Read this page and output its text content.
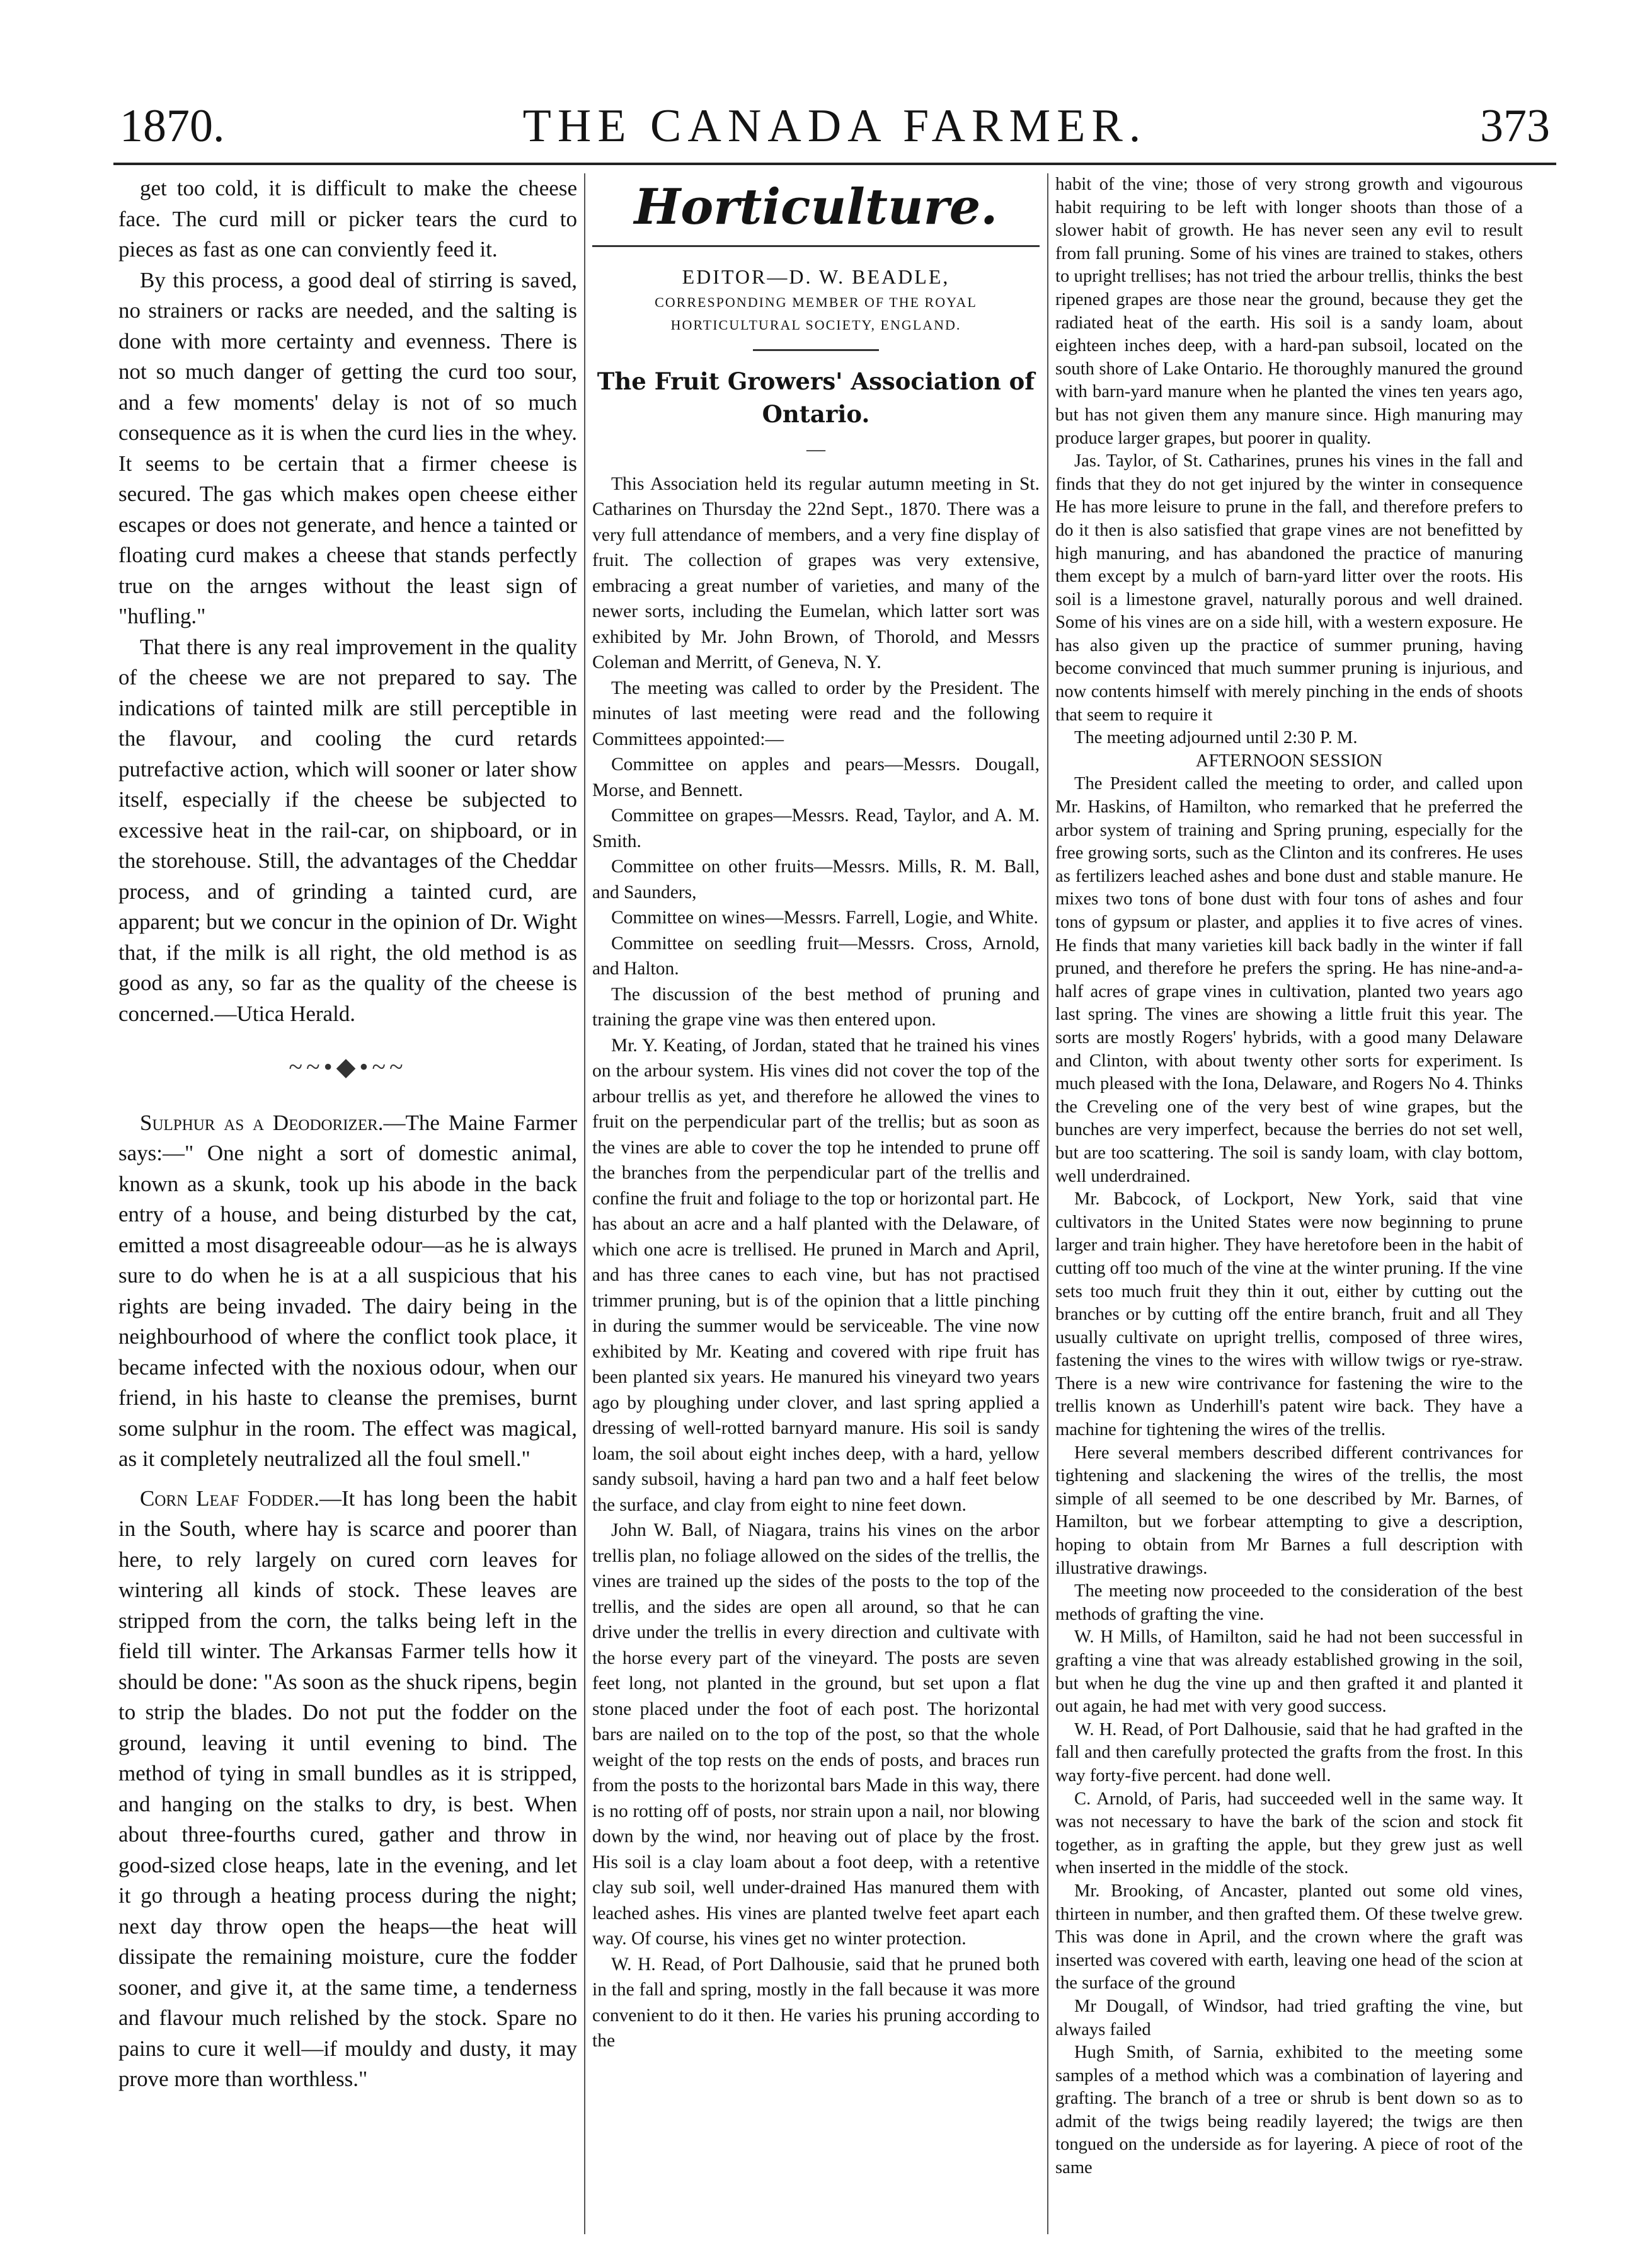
1870.	THE CANADA FARMER.	373

get too cold, it is difficult to make the cheese face. The curd mill or picker tears the curd to pieces as fast as one can conviently feed it.

By this process, a good deal of stirring is saved, no strainers or racks are needed, and the salting is done with more certainty and evenness. There is not so much danger of getting the curd too sour, and a few moments' delay is not of so much consequence as it is when the curd lies in the whey. It seems to be certain that a firmer cheese is secured. The gas which makes open cheese either escapes or does not generate, and hence a tainted or floating curd makes a cheese that stands perfectly true on the arnges without the least sign of "hufling."

That there is any real improvement in the quality of the cheese we are not prepared to say. The indications of tainted milk are still perceptible in the flavour, and cooling the curd retards putrefactive action, which will sooner or later show itself, especially if the cheese be subjected to excessive heat in the rail-car, on shipboard, or in the storehouse. Still, the advantages of the Cheddar process, and of grinding a tainted curd, are apparent; but we concur in the opinion of Dr. Wight that, if the milk is all right, the old method is as good as any, so far as the quality of the cheese is concerned.—Utica Herald.

~~•◆•~~

Sulphur as a Deodorizer.—The Maine Farmer says:—" One night a sort of domestic animal, known as a skunk, took up his abode in the back entry of a house, and being disturbed by the cat, emitted a most disagreeable odour—as he is always sure to do when he is at a all suspicious that his rights are being invaded. The dairy being in the neighbourhood of where the conflict took place, it became infected with the noxious odour, when our friend, in his haste to cleanse the premises, burnt some sulphur in the room. The effect was magical, as it completely neutralized all the foul smell."

Corn Leaf Fodder.—It has long been the habit in the South, where hay is scarce and poorer than here, to rely largely on cured corn leaves for wintering all kinds of stock. These leaves are stripped from the corn, the talks being left in the field till winter. The Arkansas Farmer tells how it should be done: "As soon as the shuck ripens, begin to strip the blades. Do not put the fodder on the ground, leaving it until evening to bind. The method of tying in small bundles as it is stripped, and hanging on the stalks to dry, is best. When about three-fourths cured, gather and throw in good-sized close heaps, late in the evening, and let it go through a heating process during the night; next day throw open the heaps—the heat will dissipate the remaining moisture, cure the fodder sooner, and give it, at the same time, a tenderness and flavour much relished by the stock. Spare no pains to cure it well—if mouldy and dusty, it may prove more than worthless."

Horticulture.
EDITOR—D. W. BEADLE,
CORRESPONDING MEMBER OF THE ROYAL HORTICULTURAL SOCIETY, ENGLAND.
The Fruit Growers' Association of Ontario.
—

This Association held its regular autumn meeting in St. Catharines on Thursday the 22nd Sept., 1870. There was a very full attendance of members, and a very fine display of fruit. The collection of grapes was very extensive, embracing a great number of varieties, and many of the newer sorts, including the Eumelan, which latter sort was exhibited by Mr. John Brown, of Thorold, and Messrs Coleman and Merritt, of Geneva, N. Y.

The meeting was called to order by the President. The minutes of last meeting were read and the following Committees appointed:—

Committee on apples and pears—Messrs. Dougall, Morse, and Bennett.

Committee on grapes—Messrs. Read, Taylor, and A. M. Smith.

Committee on other fruits—Messrs. Mills, R. M. Ball, and Saunders,

Committee on wines—Messrs. Farrell, Logie, and White.

Committee on seedling fruit—Messrs. Cross, Arnold, and Halton.

The discussion of the best method of pruning and training the grape vine was then entered upon.

Mr. Y. Keating, of Jordan, stated that he trained his vines on the arbour system. His vines did not cover the top of the arbour trellis as yet, and therefore he allowed the vines to fruit on the perpendicular part of the trellis; but as soon as the vines are able to cover the top he intended to prune off the branches from the perpendicular part of the trellis and confine the fruit and foliage to the top or horizontal part. He has about an acre and a half planted with the Delaware, of which one acre is trellised. He pruned in March and April, and has three canes to each vine, but has not practised trimmer pruning, but is of the opinion that a little pinching in during the summer would be serviceable. The vine now exhibited by Mr. Keating and covered with ripe fruit has been planted six years. He manured his vineyard two years ago by ploughing under clover, and last spring applied a dressing of well-rotted barnyard manure. His soil is sandy loam, the soil about eight inches deep, with a hard, yellow sandy subsoil, having a hard pan two and a half feet below the surface, and clay from eight to nine feet down.

John W. Ball, of Niagara, trains his vines on the arbor trellis plan, no foliage allowed on the sides of the trellis, the vines are trained up the sides of the posts to the top of the trellis, and the sides are open all around, so that he can drive under the trellis in every direction and cultivate with the horse every part of the vineyard. The posts are seven feet long, not planted in the ground, but set upon a flat stone placed under the foot of each post. The horizontal bars are nailed on to the top of the post, so that the whole weight of the top rests on the ends of posts, and braces run from the posts to the horizontal bars Made in this way, there is no rotting off of posts, nor strain upon a nail, nor blowing down by the wind, nor heaving out of place by the frost. His soil is a clay loam about a foot deep, with a retentive clay sub soil, well under-drained Has manured them with leached ashes. His vines are planted twelve feet apart each way. Of course, his vines get no winter protection.

W. H. Read, of Port Dalhousie, said that he pruned both in the fall and spring, mostly in the fall because it was more convenient to do it then. He varies his pruning according to the

habit of the vine; those of very strong growth and vigourous habit requiring to be left with longer shoots than those of a slower habit of growth. He has never seen any evil to result from fall pruning. Some of his vines are trained to stakes, others to upright trellises; has not tried the arbour trellis, thinks the best ripened grapes are those near the ground, because they get the radiated heat of the earth. His soil is a sandy loam, about eighteen inches deep, with a hard-pan subsoil, located on the south shore of Lake Ontario. He thoroughly manured the ground with barn-yard manure when he planted the vines ten years ago, but has not given them any manure since. High manuring may produce larger grapes, but poorer in quality.

Jas. Taylor, of St. Catharines, prunes his vines in the fall and finds that they do not get injured by the winter in consequence He has more leisure to prune in the fall, and therefore prefers to do it then is also satisfied that grape vines are not benefitted by high manuring, and has abandoned the practice of manuring them except by a mulch of barn-yard litter over the roots. His soil is a limestone gravel, naturally porous and well drained. Some of his vines are on a side hill, with a western exposure. He has also given up the practice of summer pruning, having become convinced that much summer pruning is injurious, and now contents himself with merely pinching in the ends of shoots that seem to require it

The meeting adjourned until 2:30 P. M.

AFTERNOON SESSION

The President called the meeting to order, and called upon Mr. Haskins, of Hamilton, who remarked that he preferred the arbor system of training and Spring pruning, especially for the free growing sorts, such as the Clinton and its confreres. He uses as fertilizers leached ashes and bone dust and stable manure. He mixes two tons of bone dust with four tons of ashes and four tons of gypsum or plaster, and applies it to five acres of vines. He finds that many varieties kill back badly in the winter if fall pruned, and therefore he prefers the spring. He has nine-and-a-half acres of grape vines in cultivation, planted two years ago last spring. The vines are showing a little fruit this year. The sorts are mostly Rogers' hybrids, with a good many Delaware and Clinton, with about twenty other sorts for experiment. Is much pleased with the Iona, Delaware, and Rogers No 4. Thinks the Creveling one of the very best of wine grapes, but the bunches are very imperfect, because the berries do not set well, but are too scattering. The soil is sandy loam, with clay bottom, well underdrained.

Mr. Babcock, of Lockport, New York, said that vine cultivators in the United States were now beginning to prune larger and train higher. They have heretofore been in the habit of cutting off too much of the vine at the winter pruning. If the vine sets too much fruit they thin it out, either by cutting out the branches or by cutting off the entire branch, fruit and all They usually cultivate on upright trellis, composed of three wires, fastening the vines to the wires with willow twigs or rye-straw. There is a new wire contrivance for fastening the wire to the trellis known as Underhill's patent wire back. They have a machine for tightening the wires of the trellis.

Here several members described different contrivances for tightening and slackening the wires of the trellis, the most simple of all seemed to be one described by Mr. Barnes, of Hamilton, but we forbear attempting to give a description, hoping to obtain from Mr Barnes a full description with illustrative drawings.

The meeting now proceeded to the consideration of the best methods of grafting the vine.

W. H Mills, of Hamilton, said he had not been successful in grafting a vine that was already established growing in the soil, but when he dug the vine up and then grafted it and planted it out again, he had met with very good success.

W. H. Read, of Port Dalhousie, said that he had grafted in the fall and then carefully protected the grafts from the frost. In this way forty-five percent. had done well.

C. Arnold, of Paris, had succeeded well in the same way. It was not necessary to have the bark of the scion and stock fit together, as in grafting the apple, but they grew just as well when inserted in the middle of the stock.

Mr. Brooking, of Ancaster, planted out some old vines, thirteen in number, and then grafted them. Of these twelve grew. This was done in April, and the crown where the graft was inserted was covered with earth, leaving one head of the scion at the surface of the ground

Mr Dougall, of Windsor, had tried grafting the vine, but always failed

Hugh Smith, of Sarnia, exhibited to the meeting some samples of a method which was a combination of layering and grafting. The branch of a tree or shrub is bent down so as to admit of the twigs being readily layered; the twigs are then tongued on the underside as for layering. A piece of root of the same
